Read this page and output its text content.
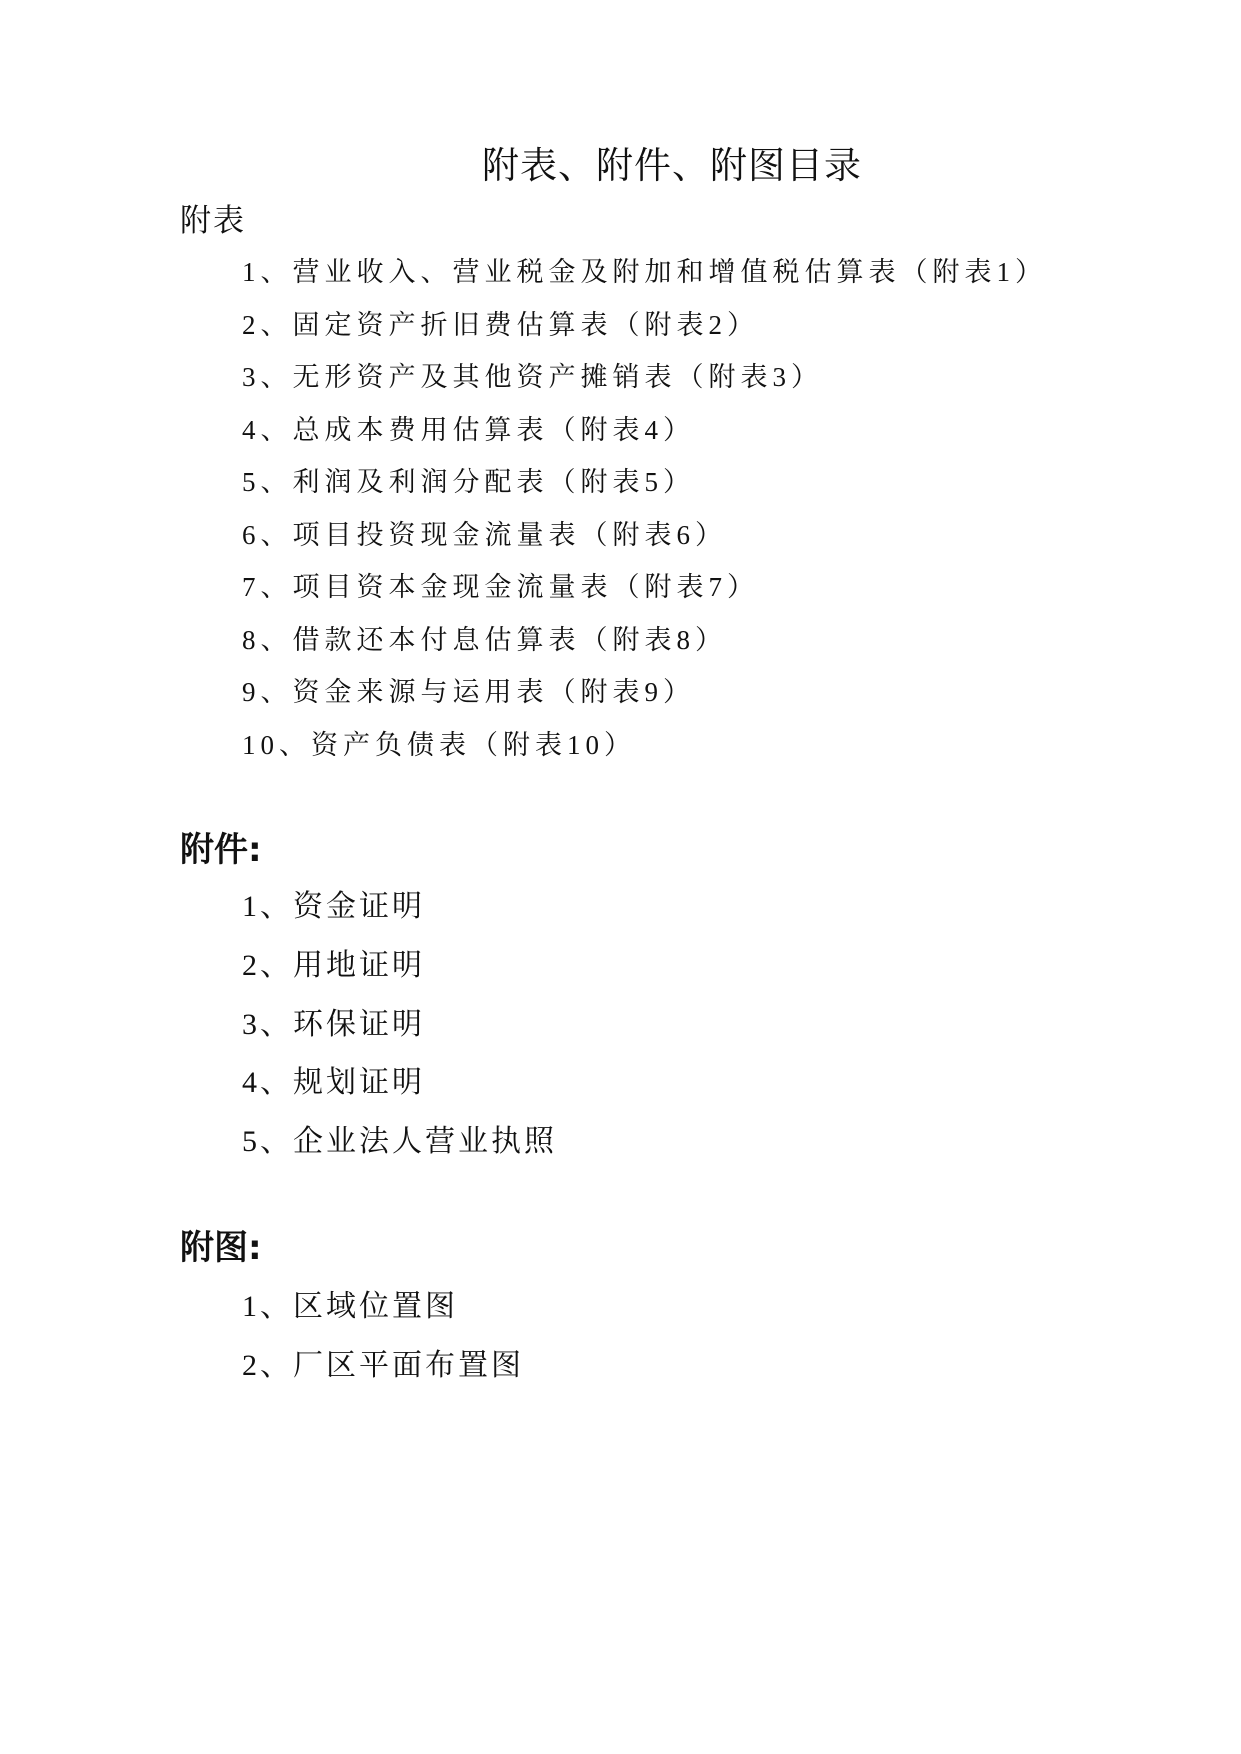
附表、附件、附图目录
附表
1、营业收入、营业税金及附加和增值税估算表（附表1）
2、固定资产折旧费估算表（附表2）
3、无形资产及其他资产摊销表（附表3）
4、总成本费用估算表（附表4）
5、利润及利润分配表（附表5）
6、项目投资现金流量表（附表6）
7、项目资本金现金流量表（附表7）
8、借款还本付息估算表（附表8）
9、资金来源与运用表（附表9）
10、资产负债表（附表10）
附件:
1、资金证明
2、用地证明
3、环保证明
4、规划证明
5、企业法人营业执照
附图:
1、区域位置图
2、厂区平面布置图
